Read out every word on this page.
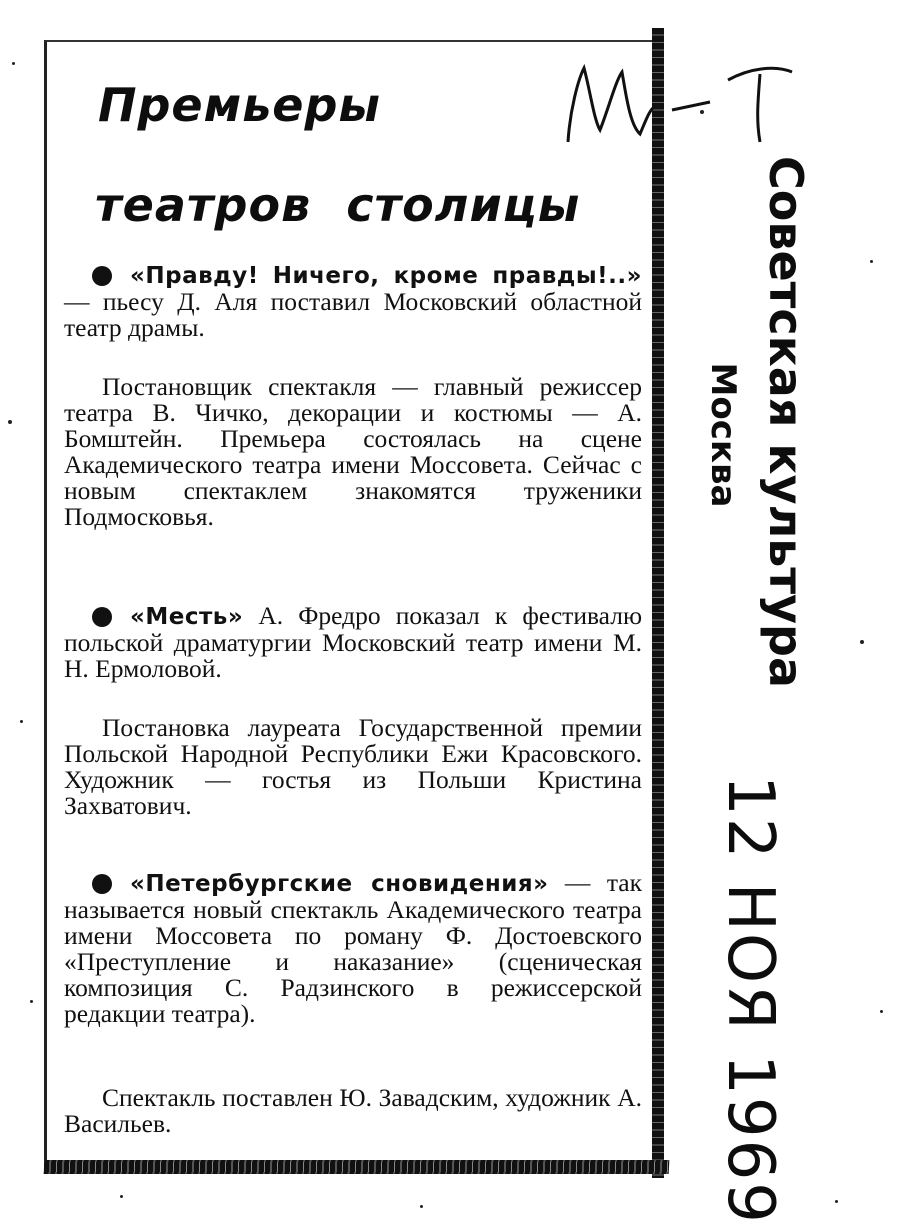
Премьеры
театров столицы

«Правду! Ничего, кроме правды!..» — пьесу Д. Аля поставил Московский областной театр драмы.

Постановщик спектакля — главный режиссер театра В. Чичко, декорации и костюмы — А. Бомштейн. Премьера состоялась на сцене Академического театра имени Моссовета. Сейчас с новым спектаклем знакомятся труженики Подмосковья.

«Месть» А. Фредро показал к фестивалю польской драматургии Московский театр имени М. Н. Ермоловой.

Постановка лауреата Государственной премии Польской Народной Республики Ежи Красовского. Художник — гостья из Польши Кристина Захватович.

«Петербургские сновидения» — так называется новый спектакль Академического театра имени Моссовета по роману Ф. Достоевского «Преступление и наказание» (сценическая композиция С. Радзинского в режиссерской редакции театра).

Спектакль поставлен Ю. Завадским, художник А. Васильев.

Советская культура
Москва
12 НОЯ 1969
